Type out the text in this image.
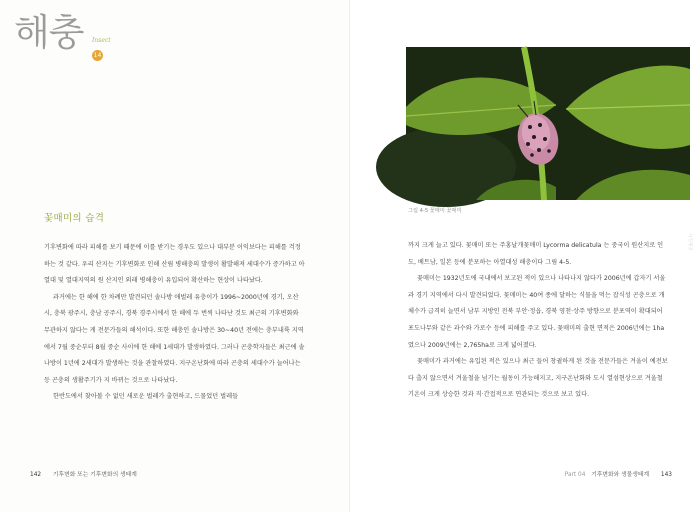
해충 Insect
14
꽃매미의 습격

기후변화에 따라 피해를 보기 때문에 이를 받기는 경우도 있으나 대부분 이익보다는 피해를 걱정하는 것 같다. 우리 산지는 기후변화로 인해 산림 병해충의 발생이 활발해져 세대수가 증가하고 아열대 및 열대지역의 원 산지인 외래 병해충이 유입되어 확산하는 현상이 나타났다.

과거에는 한 해에 한 차례만 발견되던 솔나방 애벌레 유충이가 1996~2000년에 경기, 오산시, 충북 광주시, 충남 공주시, 경북 경주시에서 한 해에 두 번씩 나타난 것도 최근의 기후변화와 무관하지 않다는 게 전문가들의 해석이다. 또한 해충인 솔나방은 30~40년 전에는 충부내륙 지역에서 7월 중순부터 8월 중순 사이에 한 해에 1세대가 발생하였다. 그러나 곤충학자들은 최근에 솔나방이 1년에 2세대가 발생하는 것을 관찰하였다. 지구온난화에 따라 곤충의 세대수가 늘어나는 등 곤충의 생활주기가 지 바뀌는 것으로 나타났다.

한반도에서 찾아볼 수 없던 새로운 벌레가 출현하고, 드물었던 벌레들

142 기후변화 또는 기후변화의 생태계
사진제공
그림 4-5 꽃매미 꽃매미

까지 크게 늘고 있다. 꽃매미 또는 주홍날개꽃매미 Lycorma delicatula 는 중국이 원산지로 인도, 베트남, 일본 등에 분포하는 아열대성 해충이다 그림 4-5.

꽃매미는 1932년도에 국내에서 보고된 적이 있으나 나타나지 않다가 2006년에 갑자기 서울과 경기 지역에서 다시 발견되었다. 꽃매미는 40여 종에 달하는 식물을 먹는 잡식성 곤충으로 개체수가 급격히 늘면서 남부 지방인 전북 부안·정읍, 경북 영천·상주 방향으로 분포역이 확대되어 포도나무와 같은 과수와 가로수 등에 피해를 주고 있다. 꽃매미의 출현 면적은 2006년에는 1ha였으나 2009년에는 2,765ha로 크게 넓어졌다.

꽃매미가 과거에는 유입된 적은 있으나 최근 들어 창궐하게 된 것을 전문가들은 겨울이 예전보다 춥지 않으면서 겨울철을 넘기는 월동이 가능해지고, 지구온난화와 도시 열섬현상으로 겨울철 기온이 크게 상승한 것과 직·간접적으로 연관되는 것으로 보고 있다.

Part 04 기후변화와 생물생태계 143
